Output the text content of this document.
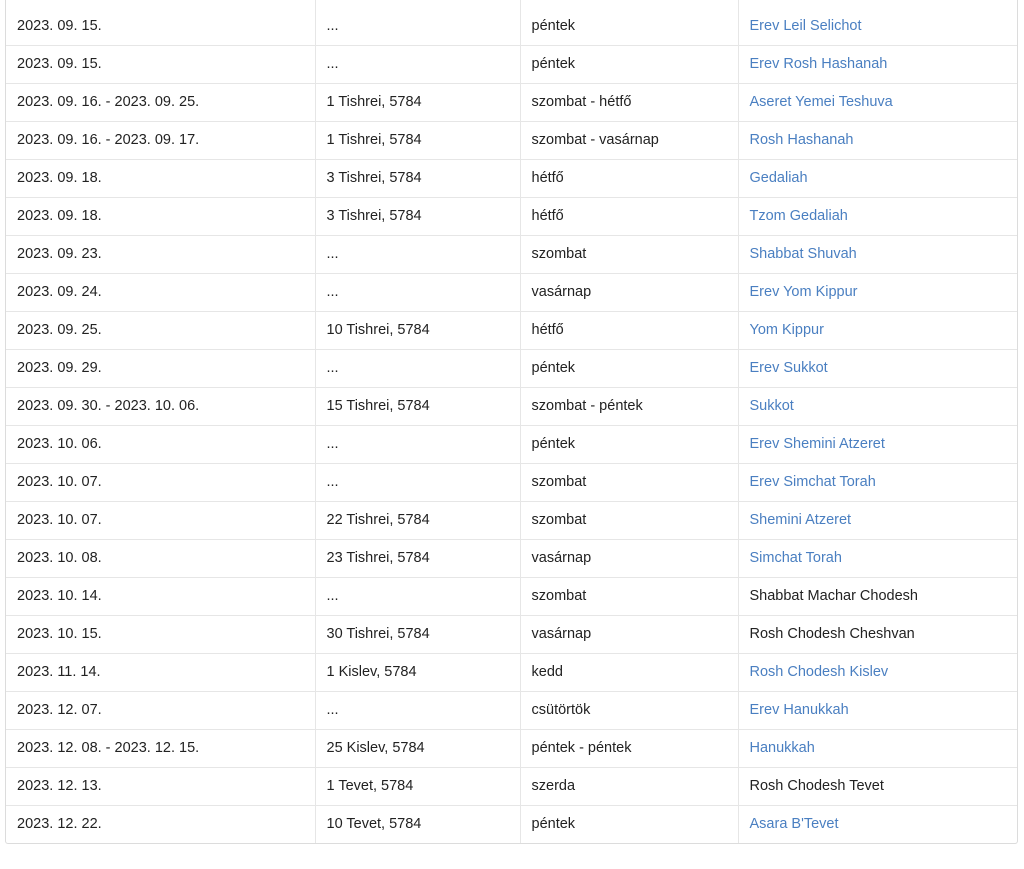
2023. 09. 15.	...	péntek	Erev Leil Selichot
2023. 09. 15.	...	péntek	Erev Rosh Hashanah
2023. 09. 16. - 2023. 09. 25.	1 Tishrei, 5784	szombat - hétfő	Aseret Yemei Teshuva
2023. 09. 16. - 2023. 09. 17.	1 Tishrei, 5784	szombat - vasárnap	Rosh Hashanah
2023. 09. 18.	3 Tishrei, 5784	hétfő	Gedaliah
2023. 09. 18.	3 Tishrei, 5784	hétfő	Tzom Gedaliah
2023. 09. 23.	...	szombat	Shabbat Shuvah
2023. 09. 24.	...	vasárnap	Erev Yom Kippur
2023. 09. 25.	10 Tishrei, 5784	hétfő	Yom Kippur
2023. 09. 29.	...	péntek	Erev Sukkot
2023. 09. 30. - 2023. 10. 06.	15 Tishrei, 5784	szombat - péntek	Sukkot
2023. 10. 06.	...	péntek	Erev Shemini Atzeret
2023. 10. 07.	...	szombat	Erev Simchat Torah
2023. 10. 07.	22 Tishrei, 5784	szombat	Shemini Atzeret
2023. 10. 08.	23 Tishrei, 5784	vasárnap	Simchat Torah
2023. 10. 14.	...	szombat	Shabbat Machar Chodesh
2023. 10. 15.	30 Tishrei, 5784	vasárnap	Rosh Chodesh Cheshvan
2023. 11. 14.	1 Kislev, 5784	kedd	Rosh Chodesh Kislev
2023. 12. 07.	...	csütörtök	Erev Hanukkah
2023. 12. 08. - 2023. 12. 15.	25 Kislev, 5784	péntek - péntek	Hanukkah
2023. 12. 13.	1 Tevet, 5784	szerda	Rosh Chodesh Tevet
2023. 12. 22.	10 Tevet, 5784	péntek	Asara B'Tevet
